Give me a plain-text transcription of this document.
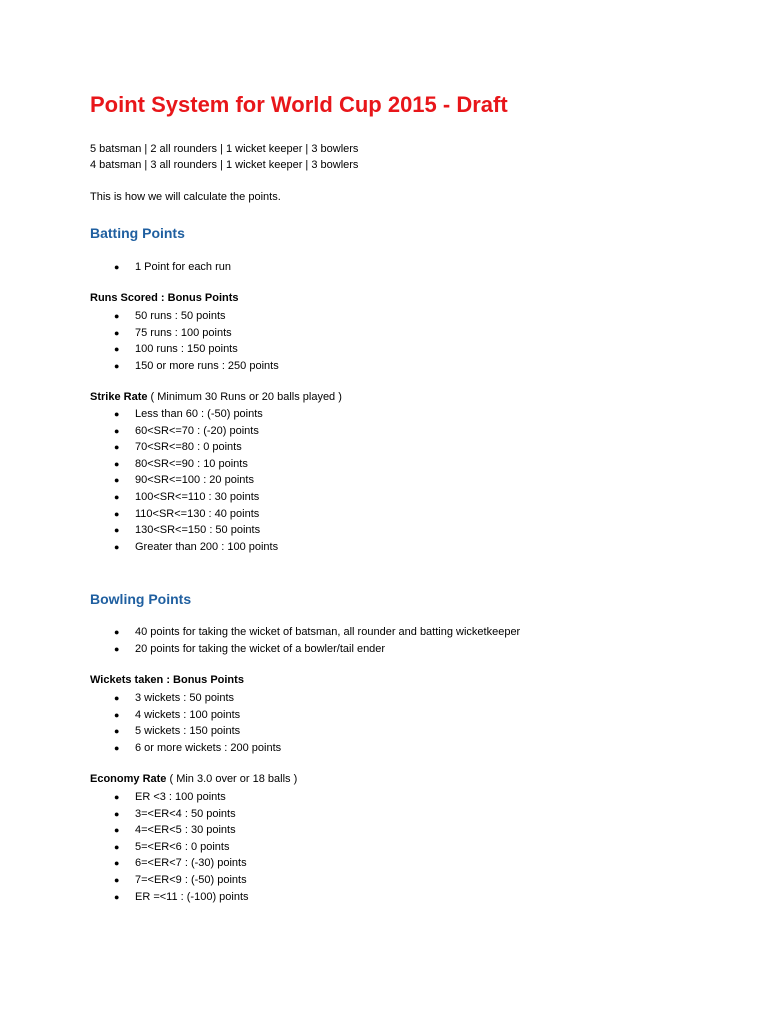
Point System for World Cup 2015 - Draft
5 batsman | 2 all rounders | 1 wicket keeper | 3 bowlers
4 batsman | 3 all rounders | 1 wicket keeper | 3 bowlers
This is how we will calculate the points.
Batting Points
● 1 Point for each run
Runs Scored : Bonus Points
● 50 runs : 50 points
● 75 runs : 100 points
● 100 runs : 150 points
● 150 or more runs : 250 points
Strike Rate ( Minimum 30 Runs or 20 balls played )
● Less than 60 : (-50) points
● 60<SR<=70 : (-20) points
● 70<SR<=80 : 0 points
● 80<SR<=90 : 10 points
● 90<SR<=100 : 20 points
● 100<SR<=110 : 30 points
● 110<SR<=130 : 40 points
● 130<SR<=150 : 50 points
● Greater than 200 : 100 points
Bowling Points
● 40 points for taking the wicket of batsman, all rounder and batting wicketkeeper
● 20 points for taking the wicket of a bowler/tail ender
Wickets taken : Bonus Points
● 3 wickets : 50 points
● 4 wickets : 100 points
● 5 wickets : 150 points
● 6 or more wickets : 200 points
Economy Rate ( Min 3.0 over or 18 balls )
● ER <3 : 100 points
● 3=<ER<4 : 50 points
● 4=<ER<5 : 30 points
● 5=<ER<6 : 0 points
● 6=<ER<7 : (-30) points
● 7=<ER<9 : (-50) points
● ER =<11 : (-100) points
